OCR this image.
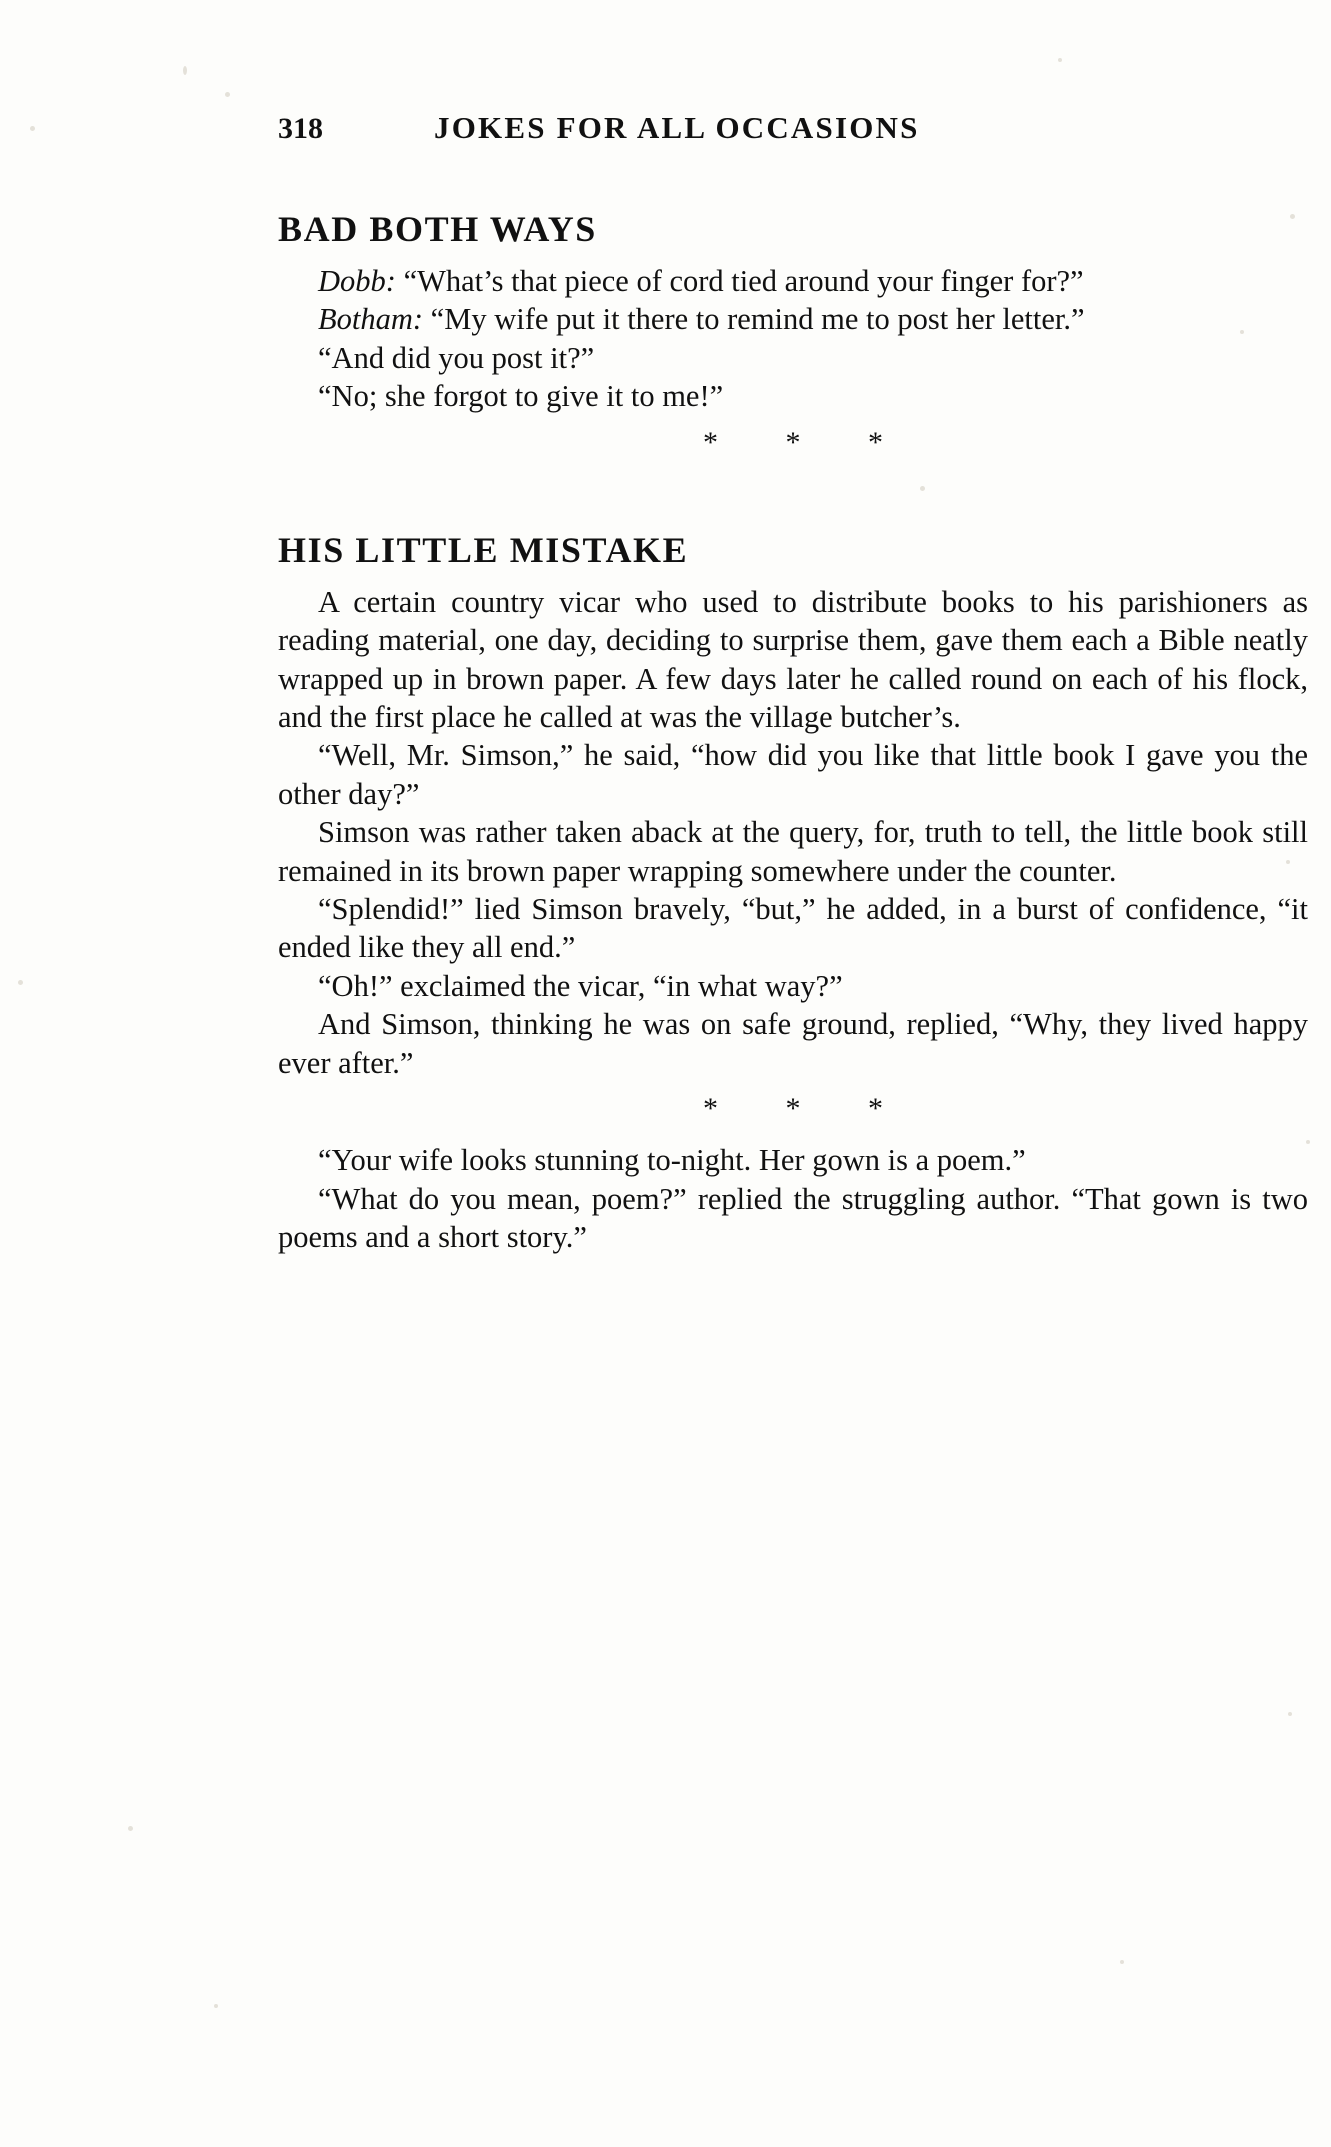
318	JOKES FOR ALL OCCASIONS
BAD BOTH WAYS

Dobb: “What’s that piece of cord tied around your finger for?”

Botham: “My wife put it there to remind me to post her letter.”

“And did you post it?”

“No; she forgot to give it to me!”

* * *

HIS LITTLE MISTAKE

A certain country vicar who used to distribute books to his parishioners as reading material, one day, deciding to surprise them, gave them each a Bible neatly wrapped up in brown paper. A few days later he called round on each of his flock, and the first place he called at was the village butcher’s.

“Well, Mr. Simson,” he said, “how did you like that little book I gave you the other day?”

Simson was rather taken aback at the query, for, truth to tell, the little book still remained in its brown paper wrapping somewhere under the counter.

“Splendid!” lied Simson bravely, “but,” he added, in a burst of confidence, “it ended like they all end.”

“Oh!” exclaimed the vicar, “in what way?”

And Simson, thinking he was on safe ground, replied, “Why, they lived happy ever after.”

* * *

“Your wife looks stunning to-night. Her gown is a poem.”

“What do you mean, poem?” replied the struggling author. “That gown is two poems and a short story.”
